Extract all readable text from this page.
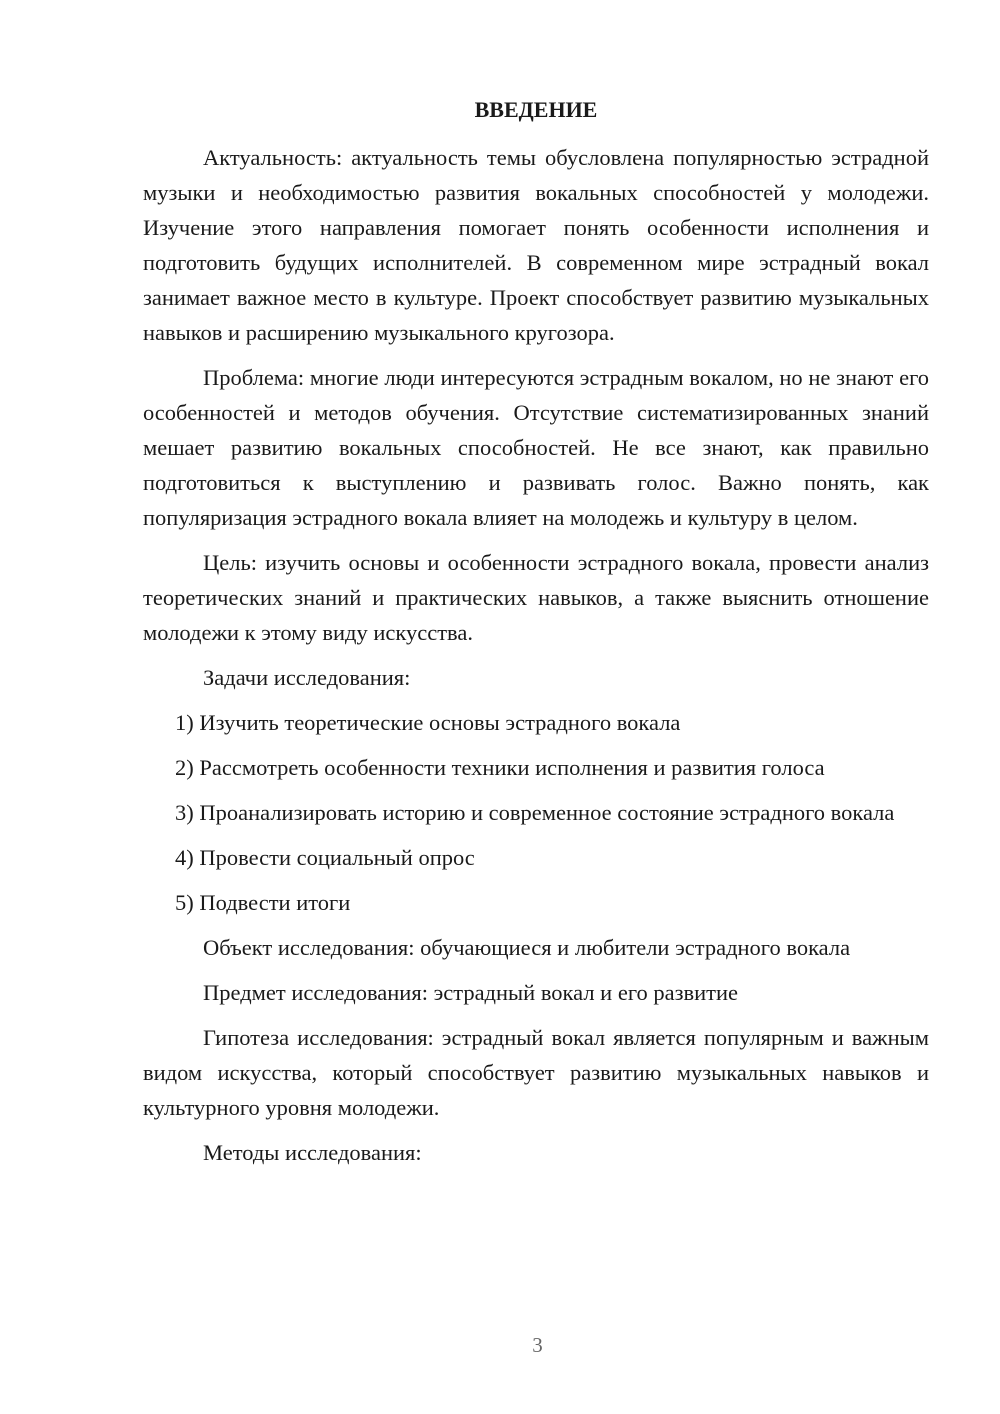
ВВЕДЕНИЕ

Актуальность: актуальность темы обусловлена популярностью эстрадной музыки и необходимостью развития вокальных способностей у молодежи. Изучение этого направления помогает понять особенности исполнения и подготовить будущих исполнителей. В современном мире эстрадный вокал занимает важное место в культуре. Проект способствует развитию музыкальных навыков и расширению музыкального кругозора.

Проблема: многие люди интересуются эстрадным вокалом, но не знают его особенностей и методов обучения. Отсутствие систематизированных знаний мешает развитию вокальных способностей. Не все знают, как правильно подготовиться к выступлению и развивать голос. Важно понять, как популяризация эстрадного вокала влияет на молодежь и культуру в целом.

Цель: изучить основы и особенности эстрадного вокала, провести анализ теоретических знаний и практических навыков, а также выяснить отношение молодежи к этому виду искусства.

Задачи исследования:

1) Изучить теоретические основы эстрадного вокала

2) Рассмотреть особенности техники исполнения и развития голоса

3) Проанализировать историю и современное состояние эстрадного вокала

4) Провести социальный опрос

5) Подвести итоги

Объект исследования: обучающиеся и любители эстрадного вокала

Предмет исследования: эстрадный вокал и его развитие

Гипотеза исследования: эстрадный вокал является популярным и важным видом искусства, который способствует развитию музыкальных навыков и культурного уровня молодежи.

Методы исследования:

3
